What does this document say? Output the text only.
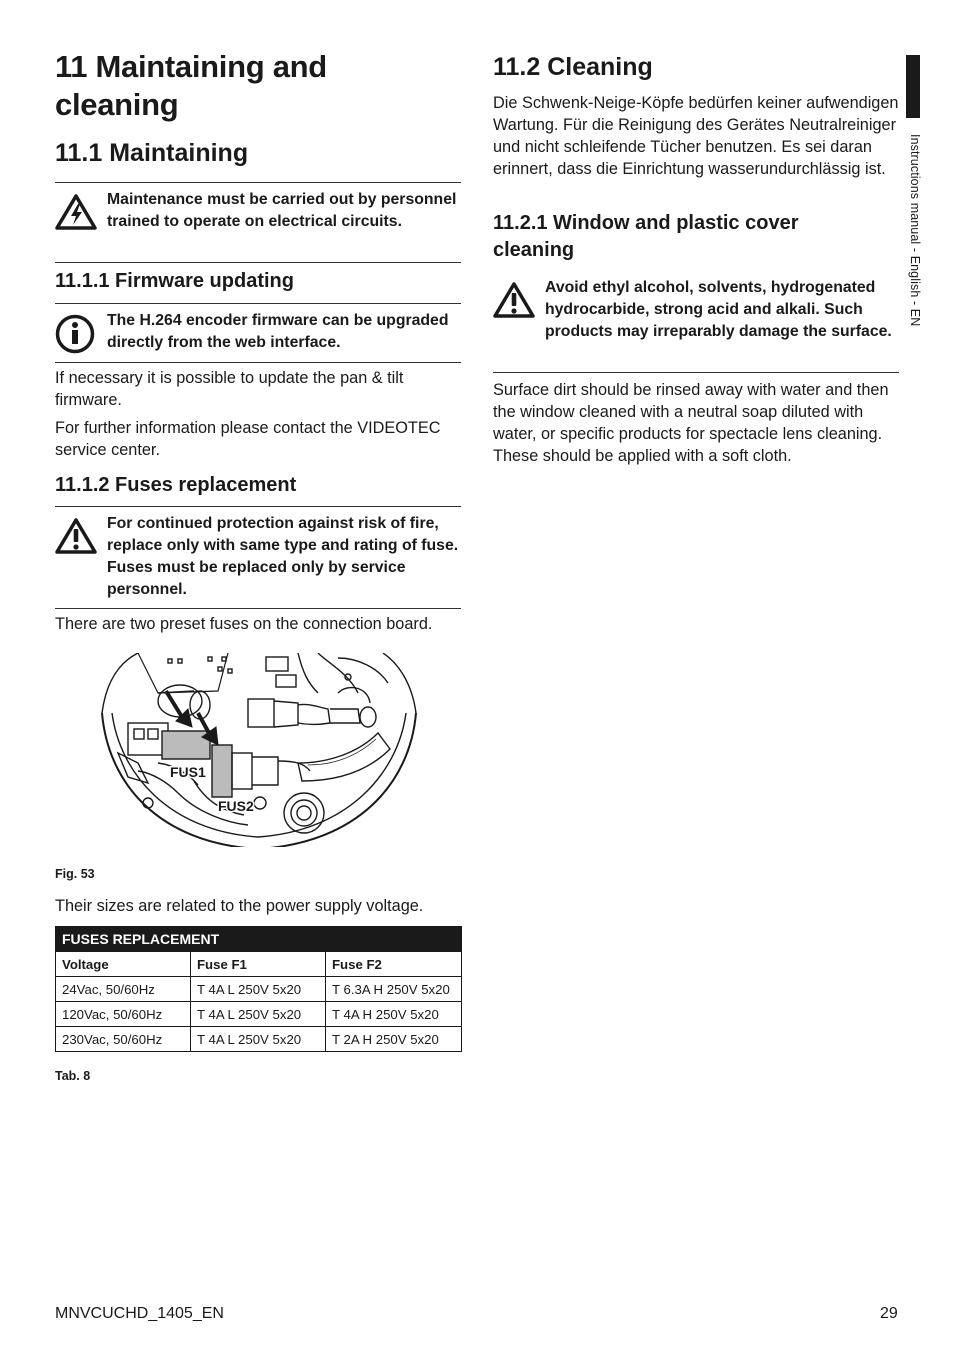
11 Maintaining and
cleaning
11.1 Maintaining
Maintenance must be carried out by personnel trained to operate on electrical circuits.
11.1.1 Firmware updating
The H.264 encoder firmware can be upgraded directly from the web interface.

If necessary it is possible to update the pan & tilt firmware.

For further information please contact the VIDEOTEC service center.

11.1.2 Fuses replacement
For continued protection against risk of fire, replace only with same type and rating of fuse. Fuses must be replaced only by service personnel.

There are two preset fuses on the connection board.

Fig. 53

Their sizes are related to the power supply voltage.

Tab. 8

FUS1
FUS2
FUSES REPLACEMENT		
Voltage	Fuse F1	Fuse F2
24Vac, 50/60Hz	T 4A L 250V 5x20	T 6.3A H 250V 5x20
120Vac, 50/60Hz	T 4A L 250V 5x20	T 4A H 250V 5x20
230Vac, 50/60Hz	T 4A L 250V 5x20	T 2A H 250V 5x20
11.2 Cleaning

Die Schwenk-Neige-Köpfe bedürfen keiner aufwendigen Wartung. Für die Reinigung des Gerätes Neutralreiniger und nicht schleifende Tücher benutzen. Es sei daran erinnert, dass die Einrichtung wasserundurchlässig ist.

11.2.1 Window and plastic cover
cleaning
Avoid ethyl alcohol, solvents, hydrogenated hydrocarbide, strong acid and alkali. Such products may irreparably damage the surface.

Surface dirt should be rinsed away with water and then the window cleaned with a neutral soap diluted with water, or specific products for spectacle lens cleaning. These should be applied with a soft cloth.

Instructions manual - English - EN

MNVCUCHD_1405_EN	29
